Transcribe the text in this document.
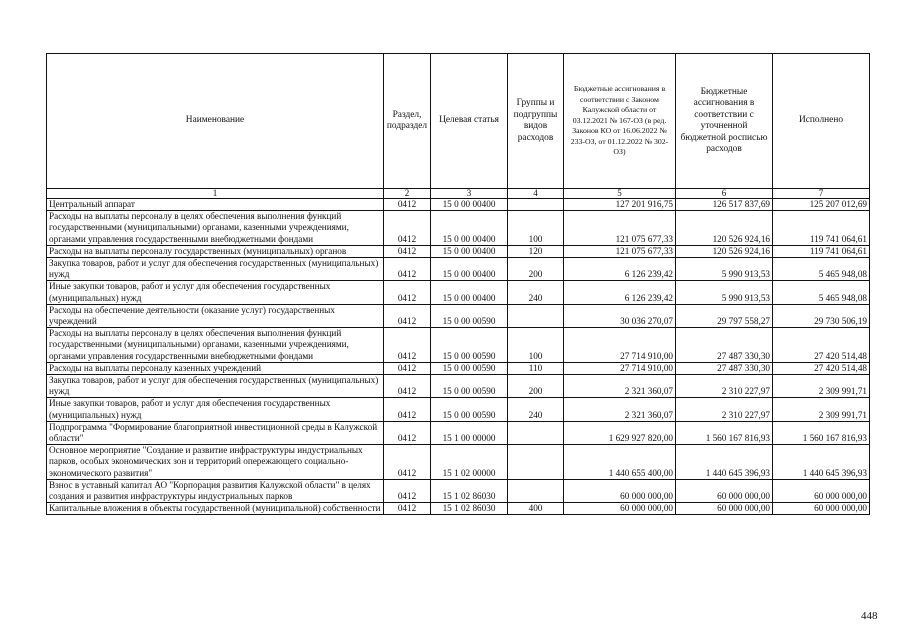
Наименование	Раздел, подраздел	Целевая статья	Группы и подгруппы видов расходов	Бюджетные ассигнования в соответствии с Законом Калужской области от 03.12.2021 № 167-ОЗ (в ред. Законов КО от 16.06.2022 № 233-ОЗ, от 01.12.2022 № 302-ОЗ)	Бюджетные ассигнования в соответствии с уточненной бюджетной росписью расходов	Исполнено
1	2	3	4	5	6	7
Центральный аппарат	0412	15 0 00 00400		127 201 916,75	126 517 837,69	125 207 012,69
Расходы на выплаты персоналу в целях обеспечения выполнения функций государственными (муниципальными) органами, казенными учреждениями, органами управления государственными внебюджетными фондами	0412	15 0 00 00400	100	121 075 677,33	120 526 924,16	119 741 064,61
Расходы на выплаты персоналу государственных (муниципальных) органов	0412	15 0 00 00400	120	121 075 677,33	120 526 924,16	119 741 064,61
Закупка товаров, работ и услуг для обеспечения государственных (муниципальных) нужд	0412	15 0 00 00400	200	6 126 239,42	5 990 913,53	5 465 948,08
Иные закупки товаров, работ и услуг для обеспечения государственных (муниципальных) нужд	0412	15 0 00 00400	240	6 126 239,42	5 990 913,53	5 465 948,08
Расходы на обеспечение деятельности (оказание услуг) государственных учреждений	0412	15 0 00 00590		30 036 270,07	29 797 558,27	29 730 506,19
Расходы на выплаты персоналу в целях обеспечения выполнения функций государственными (муниципальными) органами, казенными учреждениями, органами управления государственными внебюджетными фондами	0412	15 0 00 00590	100	27 714 910,00	27 487 330,30	27 420 514,48
Расходы на выплаты персоналу казенных учреждений	0412	15 0 00 00590	110	27 714 910,00	27 487 330,30	27 420 514,48
Закупка товаров, работ и услуг для обеспечения государственных (муниципальных) нужд	0412	15 0 00 00590	200	2 321 360,07	2 310 227,97	2 309 991,71
Иные закупки товаров, работ и услуг для обеспечения государственных (муниципальных) нужд	0412	15 0 00 00590	240	2 321 360,07	2 310 227,97	2 309 991,71
Подпрограмма "Формирование благоприятной инвестиционной среды в Калужской области"	0412	15 1 00 00000		1 629 927 820,00	1 560 167 816,93	1 560 167 816,93
Основное мероприятие "Создание и развитие инфраструктуры индустриальных парков, особых экономических зон и территорий опережающего социально-экономического развития"	0412	15 1 02 00000		1 440 655 400,00	1 440 645 396,93	1 440 645 396,93
Взнос в уставный капитал АО "Корпорация развития Калужской области" в целях создания и развития инфраструктуры индустриальных парков	0412	15 1 02 86030		60 000 000,00	60 000 000,00	60 000 000,00
Капитальные вложения в объекты государственной (муниципальной) собственности	0412	15 1 02 86030	400	60 000 000,00	60 000 000,00	60 000 000,00
448
